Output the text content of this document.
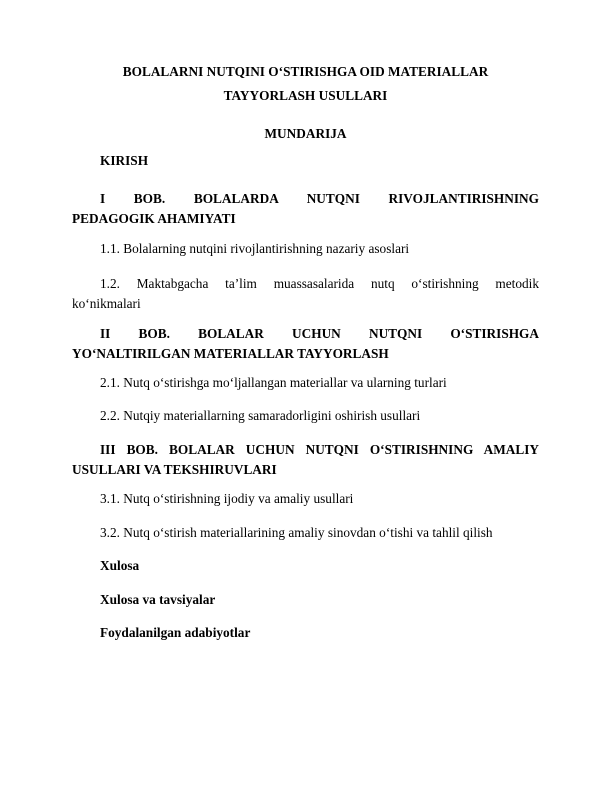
BOLALARNI NUTQINI O‘STIRISHGA OID MATERIALLAR
TAYYORLASH USULLARI
MUNDARIJA
KIRISH
I BOB. BOLALARDA NUTQNI RIVOJLANTIRISHNING
PEDAGOGIK AHAMIYATI
1.1. Bolalarning nutqini rivojlantirishning nazariy asoslari
1.2. Maktabgacha ta’lim muassasalarida nutq o‘stirishning metodik
ko‘nikmalari
II BOB. BOLALAR UCHUN NUTQNI O‘STIRISHGA
YO‘NALTIRILGAN MATERIALLAR TAYYORLASH
2.1. Nutq o‘stirishga mo‘ljallangan materiallar va ularning turlari
2.2. Nutqiy materiallarning samaradorligini oshirish usullari
III BOB. BOLALAR UCHUN NUTQNI O‘STIRISHNING AMALIY
USULLARI VA TEKSHIRUVLARI
3.1. Nutq o‘stirishning ijodiy va amaliy usullari
3.2. Nutq o‘stirish materiallarining amaliy sinovdan o‘tishi va tahlil qilish
Xulosa
Xulosa va tavsiyalar
Foydalanilgan adabiyotlar
